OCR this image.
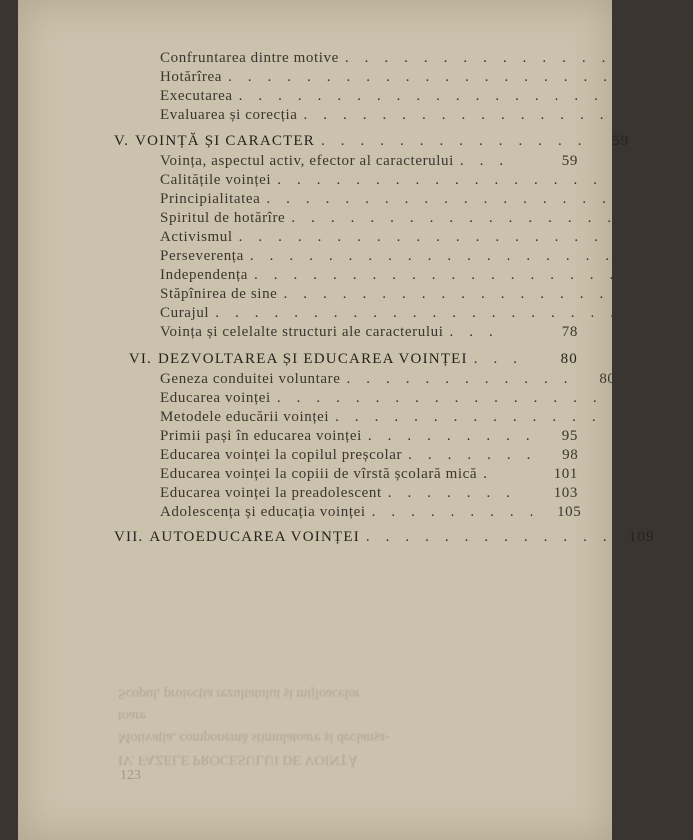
IV. FAZELE PROCESULUI DE VOINȚĂ
Motivația, componentă stimulatoare și declanșa-
toare
Scopul, proiecția rezultatului și mijloacelor
Confruntarea dintre motive ................	50
Hotărîrea ....................	52
Executarea ....................	54
Evaluarea și corecția ..................	57
V. VOINȚĂ ȘI CARACTER .............. 59
Voința, aspectul activ, efector al caracterului ...	59
Calitățile voinței ..................	62
Principialitatea ..................	64
Spiritul de hotărîre ..................	64
Activismul ....................	65
Perseverența ....................	66
Independența ....................	68
Stăpînirea de sine ..................	70
Curajul ......................	73
Voința și celelalte structuri ale caracterului ...	78
VI. DEZVOLTAREA ȘI EDUCAREA VOINȚEI ...	80
Geneza conduitei voluntare ............	80
Educarea voinței ..................	83
Metodele educării voinței ..............	86
Primii pași în educarea voinței .........	95
Educarea voinței la copilul preșcolar .......	98
Educarea voinței la copiii de vîrstă școlară mică .	101
Educarea voinței la preadolescent .......	103
Adolescența și educația voinței ......... 105
VII. AUTOEDUCAREA VOINȚEI ............. 109
123
